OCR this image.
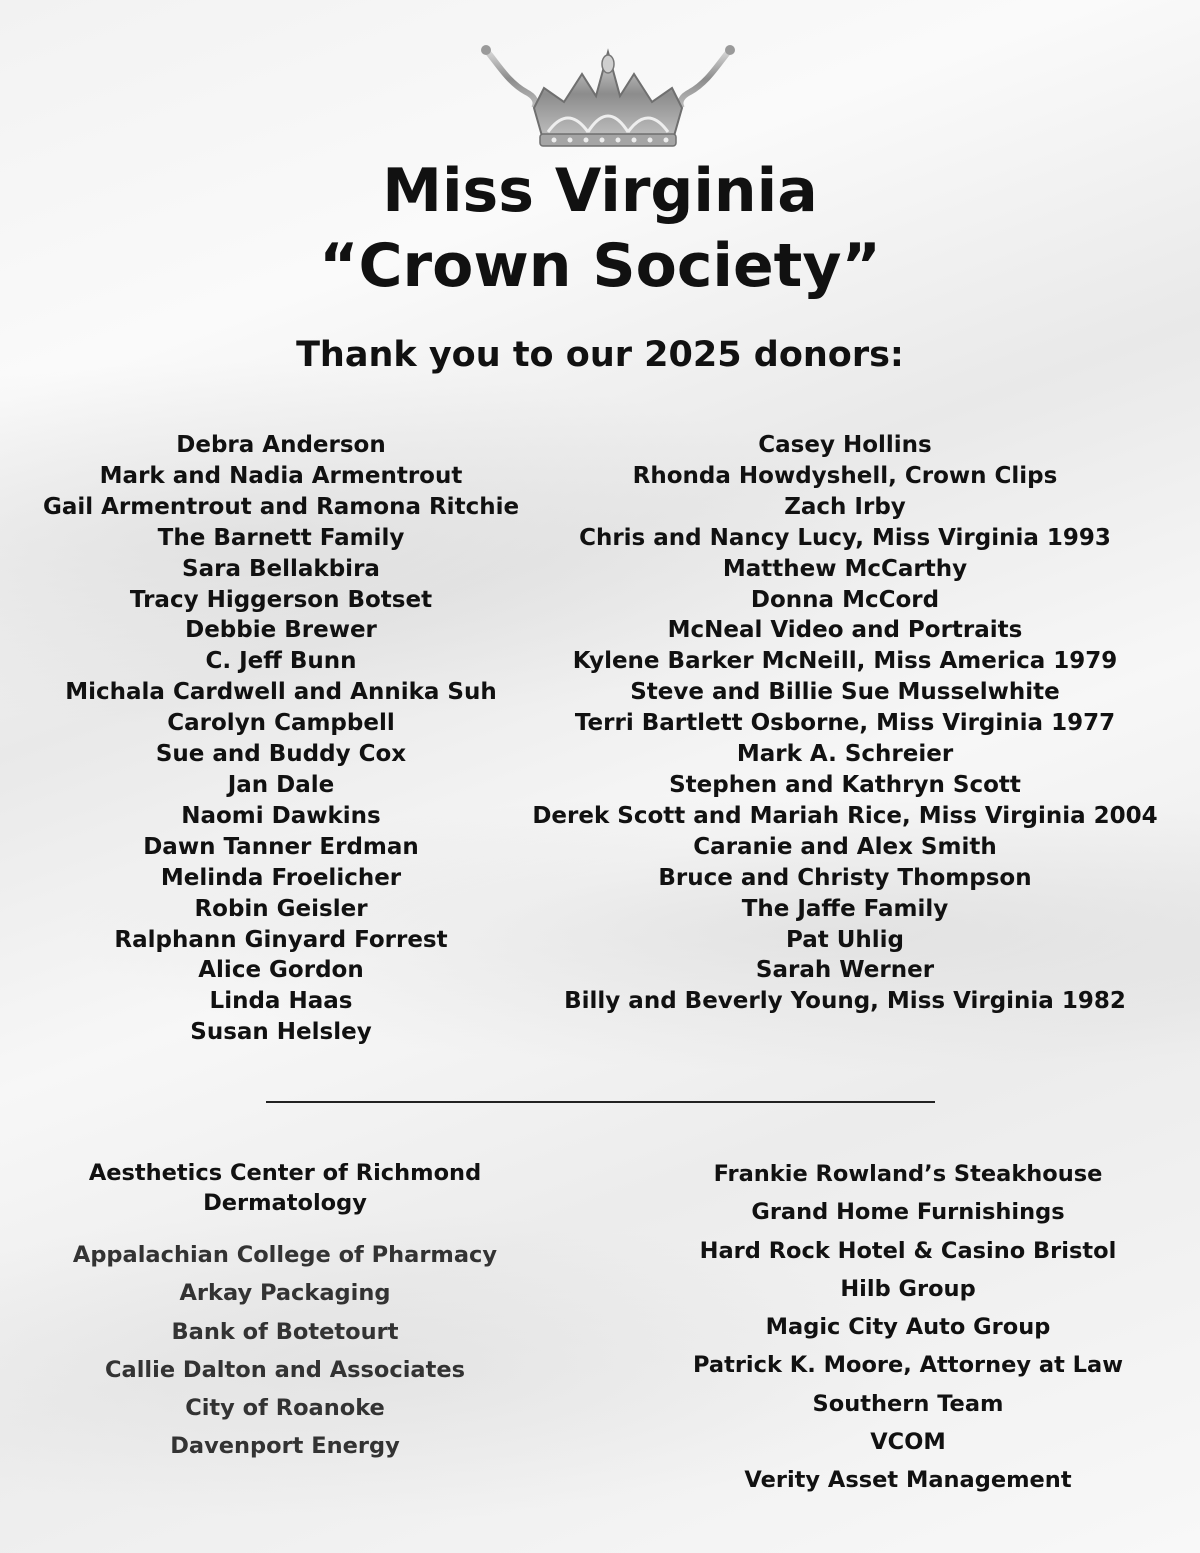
Miss Virginia
“Crown Society”
Thank you to our 2025 donors:
Debra Anderson
Mark and Nadia Armentrout
Gail Armentrout and Ramona Ritchie
The Barnett Family
Sara Bellakbira
Tracy Higgerson Botset
Debbie Brewer
C. Jeff Bunn
Michala Cardwell and Annika Suh
Carolyn Campbell
Sue and Buddy Cox
Jan Dale
Naomi Dawkins
Dawn Tanner Erdman
Melinda Froelicher
Robin Geisler
Ralphann Ginyard Forrest
Alice Gordon
Linda Haas
Susan Helsley
Casey Hollins
Rhonda Howdyshell, Crown Clips
Zach Irby
Chris and Nancy Lucy, Miss Virginia 1993
Matthew McCarthy
Donna McCord
McNeal Video and Portraits
Kylene Barker McNeill, Miss America 1979
Steve and Billie Sue Musselwhite
Terri Bartlett Osborne, Miss Virginia 1977
Mark A. Schreier
Stephen and Kathryn Scott
Derek Scott and Mariah Rice, Miss Virginia 2004
Caranie and Alex Smith
Bruce and Christy Thompson
The Jaffe Family
Pat Uhlig
Sarah Werner
Billy and Beverly Young, Miss Virginia 1982
Aesthetics Center of Richmond Dermatology
Appalachian College of Pharmacy
Arkay Packaging
Bank of Botetourt
Callie Dalton and Associates
City of Roanoke
Davenport Energy
Frankie Rowland’s Steakhouse
Grand Home Furnishings
Hard Rock Hotel & Casino Bristol
Hilb Group
Magic City Auto Group
Patrick K. Moore, Attorney at Law
Southern Team
VCOM
Verity Asset Management
